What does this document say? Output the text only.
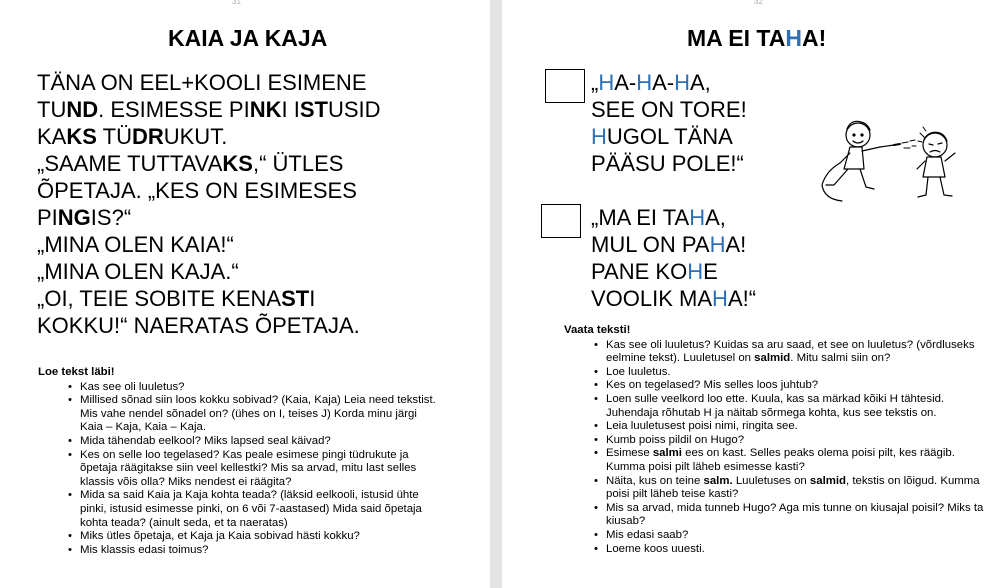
31
KAIA JA KAJA
TÄNA ON EEL+KOOLI ESIMENE
TUND. ESIMESSE PINKI ISTUSID
KAKS TÜDRUKUT.
„SAAME TUTTAVAKS,“ ÜTLES
ÕPETAJA. „KES ON ESIMESES
PINGIS?“
„MINA OLEN KAIA!“
„MINA OLEN KAJA.“
„OI, TEIE SOBITE KENASTI
KOKKU!“ NAERATAS ÕPETAJA.
Loe tekst läbi!
• Kas see oli luuletus?
• Millised sõnad siin loos kokku sobivad? (Kaia, Kaja) Leia need tekstist. Mis vahe nendel sõnadel on? (ühes on I, teises J) Korda minu järgi Kaia – Kaja, Kaia – Kaja.
• Mida tähendab eelkool? Miks lapsed seal käivad?
• Kes on selle loo tegelased? Kas peale esimese pingi tüdrukute ja õpetaja räägitakse siin veel kellestki? Mis sa arvad, mitu last selles klassis võis olla? Miks nendest ei räägita?
• Mida sa said Kaia ja Kaja kohta teada? (läksid eelkooli, istusid ühte pinki, istusid esimesse pinki, on 6 või 7-aastased) Mida said õpetaja kohta teada? (ainult seda, et ta naeratas)
• Miks ütles õpetaja, et Kaja ja Kaia sobivad hästi kokku?
• Mis klassis edasi toimus?
32
MA EI TAHA!
„HA-HA-HA,
SEE ON TORE!
HUGOL TÄNA
PÄÄSU POLE!“
„MA EI TAHA,
MUL ON PAHA!
PANE KOHE
VOOLIK MAHA!“
Vaata teksti!
• Kas see oli luuletus? Kuidas sa aru saad, et see on luuletus? (võrdluseks eelmine tekst). Luuletusel on salmid. Mitu salmi siin on?
• Loe luuletus.
• Kes on tegelased? Mis selles loos juhtub?
• Loen sulle veelkord loo ette. Kuula, kas sa märkad kõiki H tähtesid. Juhendaja rõhutab H ja näitab sõrmega kohta, kus see tekstis on.
• Leia luuletusest poisi nimi, ringita see.
• Kumb poiss pildil on Hugo?
• Esimese salmi ees on kast. Selles peaks olema poisi pilt, kes räägib. Kumma poisi pilt läheb esimesse kasti?
• Näita, kus on teine salm. Luuletuses on salmid, tekstis on lõigud. Kumma poisi pilt läheb teise kasti?
• Mis sa arvad, mida tunneb Hugo? Aga mis tunne on kiusajal poisil? Miks ta kiusab?
• Mis edasi saab?
• Loeme koos uuesti.
